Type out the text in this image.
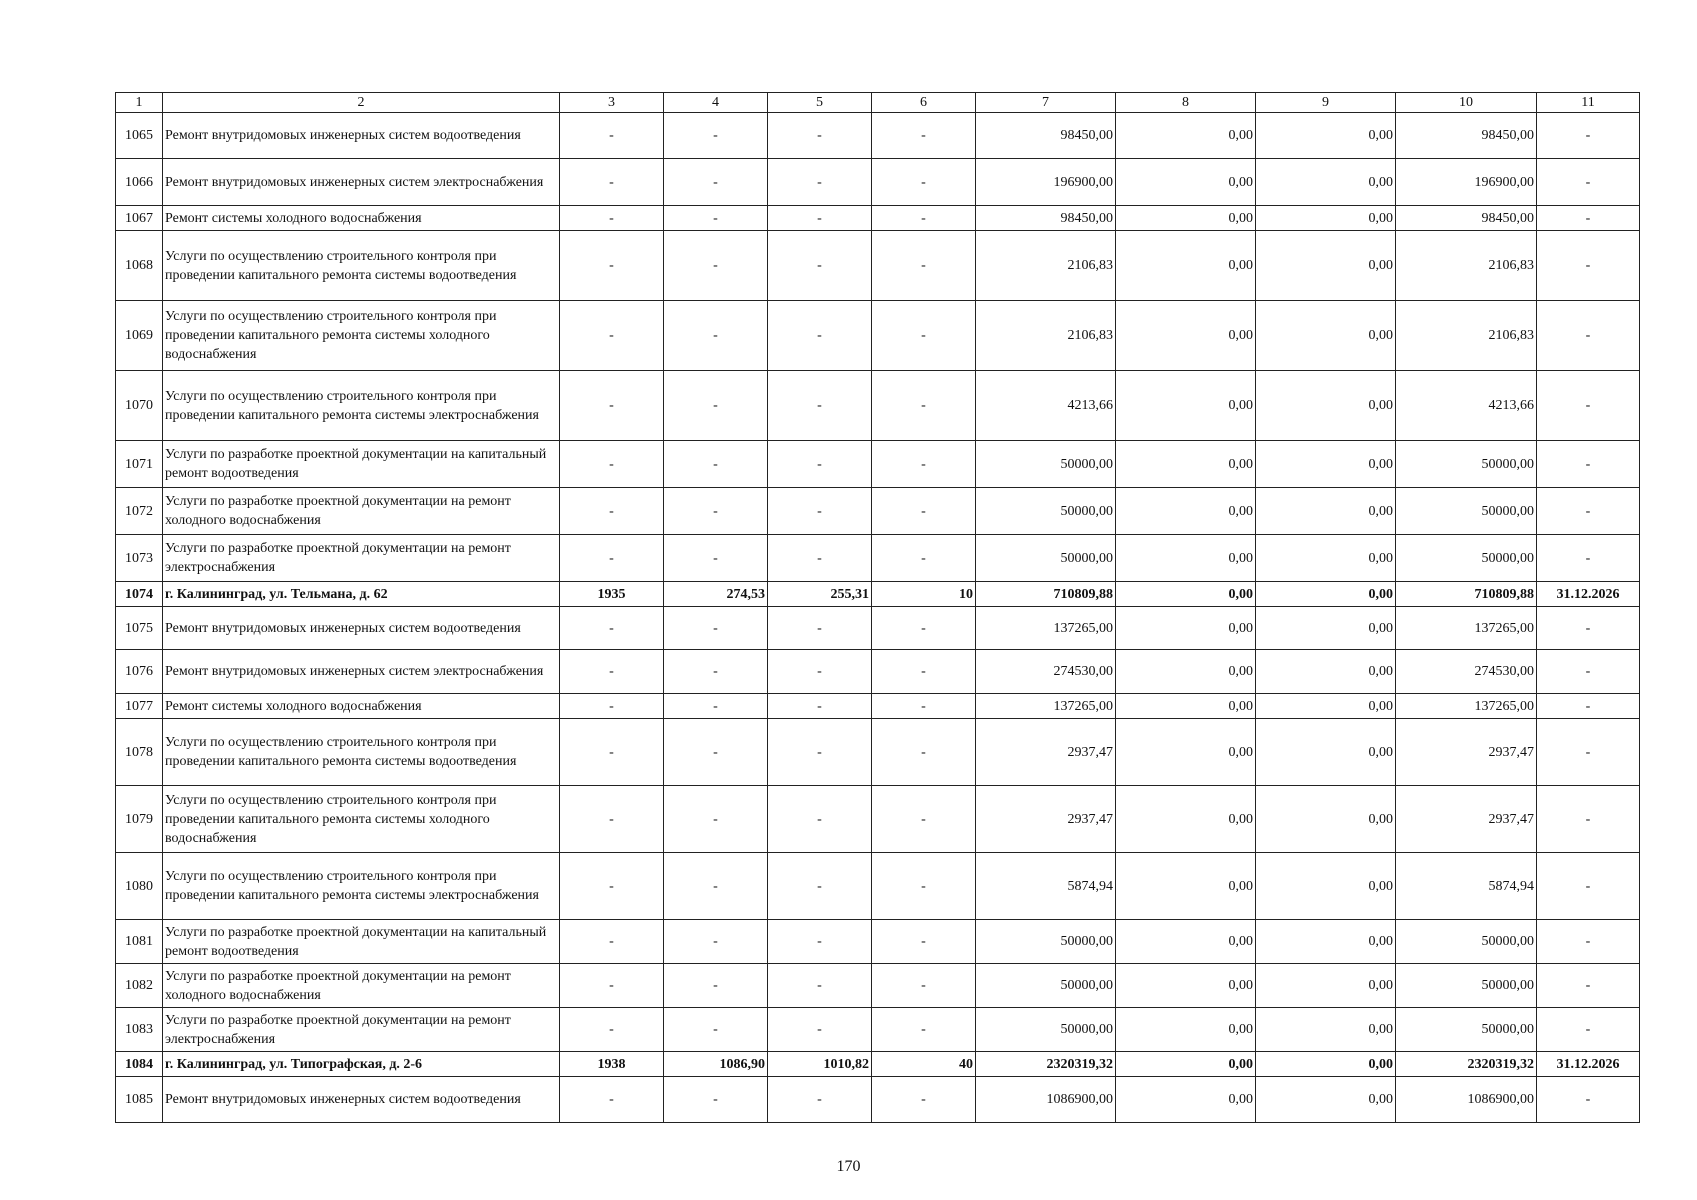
1	2	3	4	5	6	7	8	9	10	11
1065	Ремонт внутридомовых инженерных систем водоотведения	-	-	-	-	98450,00	0,00	0,00	98450,00	-
1066	Ремонт внутридомовых инженерных систем электроснабжения	-	-	-	-	196900,00	0,00	0,00	196900,00	-
1067	Ремонт системы холодного водоснабжения	-	-	-	-	98450,00	0,00	0,00	98450,00	-
1068	Услуги по осуществлению строительного контроля при проведении капитального ремонта системы водоотведения	-	-	-	-	2106,83	0,00	0,00	2106,83	-
1069	Услуги по осуществлению строительного контроля при проведении капитального ремонта системы холодного водоснабжения	-	-	-	-	2106,83	0,00	0,00	2106,83	-
1070	Услуги по осуществлению строительного контроля при проведении капитального ремонта системы электроснабжения	-	-	-	-	4213,66	0,00	0,00	4213,66	-
1071	Услуги по разработке проектной документации на капитальный ремонт водоотведения	-	-	-	-	50000,00	0,00	0,00	50000,00	-
1072	Услуги по разработке проектной документации на ремонт холодного водоснабжения	-	-	-	-	50000,00	0,00	0,00	50000,00	-
1073	Услуги по разработке проектной документации на ремонт электроснабжения	-	-	-	-	50000,00	0,00	0,00	50000,00	-
1074	г. Калининград, ул. Тельмана, д. 62	1935	274,53	255,31	10	710809,88	0,00	0,00	710809,88	31.12.2026
1075	Ремонт внутридомовых инженерных систем водоотведения	-	-	-	-	137265,00	0,00	0,00	137265,00	-
1076	Ремонт внутридомовых инженерных систем электроснабжения	-	-	-	-	274530,00	0,00	0,00	274530,00	-
1077	Ремонт системы холодного водоснабжения	-	-	-	-	137265,00	0,00	0,00	137265,00	-
1078	Услуги по осуществлению строительного контроля при проведении капитального ремонта системы водоотведения	-	-	-	-	2937,47	0,00	0,00	2937,47	-
1079	Услуги по осуществлению строительного контроля при проведении капитального ремонта системы холодного водоснабжения	-	-	-	-	2937,47	0,00	0,00	2937,47	-
1080	Услуги по осуществлению строительного контроля при проведении капитального ремонта системы электроснабжения	-	-	-	-	5874,94	0,00	0,00	5874,94	-
1081	Услуги по разработке проектной документации на капитальный ремонт водоотведения	-	-	-	-	50000,00	0,00	0,00	50000,00	-
1082	Услуги по разработке проектной документации на ремонт холодного водоснабжения	-	-	-	-	50000,00	0,00	0,00	50000,00	-
1083	Услуги по разработке проектной документации на ремонт электроснабжения	-	-	-	-	50000,00	0,00	0,00	50000,00	-
1084	г. Калининград, ул. Типографская, д. 2-6	1938	1086,90	1010,82	40	2320319,32	0,00	0,00	2320319,32	31.12.2026
1085	Ремонт внутридомовых инженерных систем водоотведения	-	-	-	-	1086900,00	0,00	0,00	1086900,00	-
170
